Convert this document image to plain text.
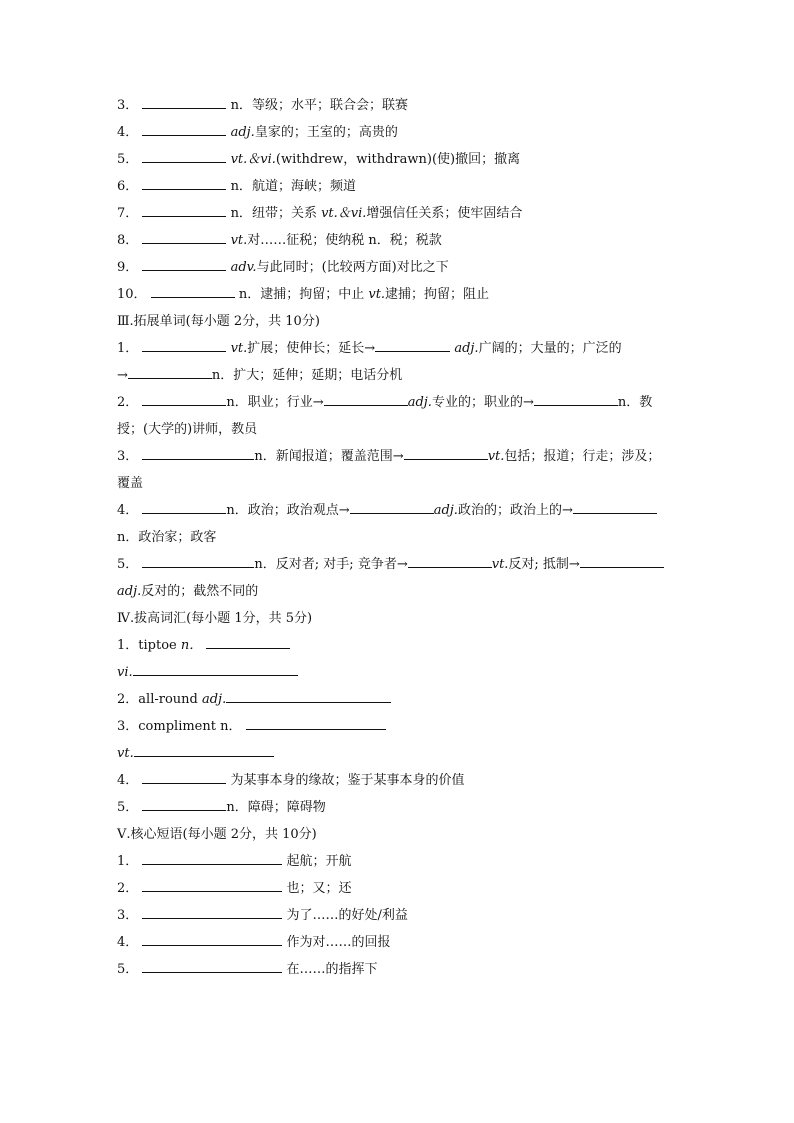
3．	n．等级；水平；联合会；联赛
4．	adj.皇家的；王室的；高贵的
5．	vt.＆vi.(withdrew，withdrawn)(使)撤回；撤离
6．	n．航道；海峡；频道
7．	n．纽带；关系 vt.＆vi.增强信任关系；使牢固结合
8．	vt.对……征税；使纳税 n．税；税款
9．	adv.与此同时；(比较两方面)对比之下
10．	n．逮捕；拘留；中止 vt.逮捕；拘留；阻止
Ⅲ.拓展单词(每小题 2分，共 10分)
1．	vt.扩展；使伸长；延长→	adj.广阔的；大量的；广泛的
→	n．扩大；延伸；延期；电话分机
2．	n．职业；行业→	adj.专业的；职业的→	n．教
授；(大学的)讲师，教员
3．	n．新闻报道；覆盖范围→	vt.包括；报道；行走；涉及；
覆盖
4．	n．政治；政治观点→	adj.政治的；政治上的→
n．政治家；政客
5．	n．反对者; 对手; 竞争者→	vt.反对; 抵制→
adj.反对的；截然不同的
Ⅳ.拔高词汇(每小题 1分，共 5分)
1．tiptoe n．
vi.
2．all-round adj.
3．compliment n．
vt.
4．	为某事本身的缘故；鉴于某事本身的价值
5．	n．障碍；障碍物
Ⅴ.核心短语(每小题 2分，共 10分)
1．	起航；开航
2．	也；又；还
3．	为了……的好处/利益
4．	作为对……的回报
5．	在……的指挥下
